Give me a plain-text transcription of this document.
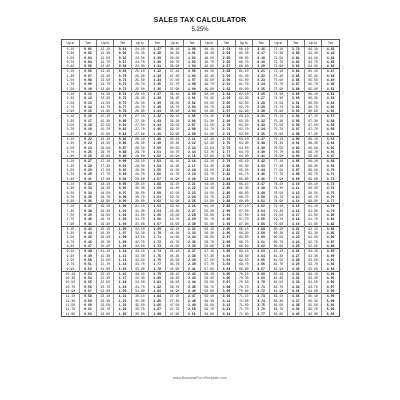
SALES TAX CALCULATOR
5.25%
Up to	Tax	Up to	Tax	Up to	Tax	Up to	Tax	Up to	Tax	Up to	Tax	Up to	Tax	Up to	Tax
0.10	0.01	12.10	0.64	24.10	1.27	36.10	1.90	48.10	2.53	60.10	3.16	72.10	3.79	84.10	4.42
0.30	0.02	12.30	0.65	24.30	1.28	36.30	1.91	48.30	2.54	60.30	3.17	72.30	3.80	84.30	4.43
0.50	0.03	12.50	0.66	24.50	1.29	36.50	1.92	48.50	2.55	60.50	3.18	72.50	3.81	84.50	4.44
0.70	0.04	12.70	0.67	24.70	1.30	36.70	1.93	48.70	2.56	60.70	3.19	72.70	3.82	84.70	4.45
0.90	0.05	12.90	0.68	24.90	1.31	36.90	1.94	48.90	2.57	60.90	3.20	72.90	3.83	84.90	4.46
1.10	0.06	13.10	0.69	25.10	1.32	37.10	1.95	49.10	2.58	61.10	3.21	73.10	3.84	85.10	4.47
1.30	0.07	13.30	0.70	25.30	1.33	37.30	1.96	49.30	2.59	61.30	3.22	73.30	3.85	85.30	4.48
1.50	0.08	13.50	0.71	25.50	1.34	37.50	1.97	49.50	2.60	61.50	3.23	73.50	3.86	85.50	4.49
1.70	0.09	13.70	0.72	25.70	1.35	37.70	1.98	49.70	2.61	61.70	3.24	73.70	3.87	85.70	4.50
1.90	0.10	13.90	0.73	25.90	1.36	37.90	1.99	49.90	2.62	61.90	3.25	73.90	3.88	85.90	4.51
2.10	0.11	14.10	0.74	26.10	1.37	38.10	2.00	50.10	2.63	62.10	3.26	74.10	3.89	86.10	4.52
2.30	0.12	14.30	0.75	26.30	1.38	38.30	2.01	50.30	2.64	62.30	3.27	74.30	3.90	86.30	4.53
2.50	0.13	14.50	0.76	26.50	1.39	38.50	2.02	50.50	2.65	62.50	3.28	74.50	3.91	86.50	4.54
2.70	0.14	14.70	0.77	26.70	1.40	38.70	2.03	50.70	2.66	62.70	3.29	74.70	3.92	86.70	4.55
2.90	0.15	14.90	0.78	26.90	1.41	38.90	2.04	50.90	2.67	62.90	3.30	74.90	3.93	86.90	4.56
3.10	0.16	15.10	0.79	27.10	1.42	39.10	2.05	51.10	2.68	63.10	3.31	75.10	3.94	87.10	4.57
3.30	0.17	15.30	0.80	27.30	1.43	39.30	2.06	51.30	2.69	63.30	3.32	75.30	3.95	87.30	4.58
3.50	0.18	15.50	0.81	27.50	1.44	39.50	2.07	51.50	2.70	63.50	3.33	75.50	3.96	87.50	4.59
3.70	0.19	15.70	0.82	27.70	1.45	39.70	2.08	51.70	2.71	63.70	3.34	75.70	3.97	87.70	4.60
3.90	0.20	15.90	0.83	27.90	1.46	39.90	2.09	51.90	2.72	63.90	3.35	75.90	3.98	87.90	4.61
4.10	0.22	16.10	0.85	28.10	1.48	40.10	2.11	52.10	2.74	64.10	3.37	76.10	4.00	88.10	4.63
4.30	0.23	16.30	0.86	28.30	1.49	40.30	2.12	52.30	2.75	64.30	3.38	76.30	4.01	88.30	4.64
4.50	0.24	16.50	0.87	28.50	1.50	40.50	2.13	52.50	2.76	64.50	3.39	76.50	4.02	88.50	4.65
4.70	0.25	16.70	0.88	28.70	1.51	40.70	2.14	52.70	2.77	64.70	3.40	76.70	4.03	88.70	4.66
4.90	0.26	16.90	0.89	28.90	1.52	40.90	2.15	52.90	2.78	64.90	3.41	76.90	4.04	88.90	4.67
5.10	0.27	17.10	0.90	29.10	1.53	41.10	2.16	53.10	2.79	65.10	3.42	77.10	4.05	89.10	4.68
5.30	0.28	17.30	0.91	29.30	1.54	41.30	2.17	53.30	2.80	65.30	3.43	77.30	4.06	89.30	4.69
5.50	0.29	17.50	0.92	29.50	1.55	41.50	2.18	53.50	2.81	65.50	3.44	77.50	4.07	89.50	4.70
5.70	0.30	17.70	0.93	29.70	1.56	41.70	2.19	53.70	2.82	65.70	3.45	77.70	4.08	89.70	4.71
5.90	0.31	17.90	0.94	29.90	1.57	41.90	2.20	53.90	2.83	65.90	3.46	77.90	4.09	89.90	4.72
6.10	0.32	18.10	0.95	30.10	1.58	42.10	2.21	54.10	2.84	66.10	3.47	78.10	4.10	90.10	4.73
6.30	0.33	18.30	0.96	30.30	1.59	42.30	2.22	54.30	2.85	66.30	3.48	78.30	4.11	90.30	4.74
6.50	0.34	18.50	0.97	30.50	1.60	42.50	2.23	54.50	2.86	66.50	3.49	78.50	4.12	90.50	4.75
6.70	0.35	18.70	0.98	30.70	1.61	42.70	2.24	54.70	2.87	66.70	3.50	78.70	4.13	90.70	4.76
6.90	0.36	18.90	0.99	30.90	1.62	42.90	2.25	54.90	2.88	66.90	3.51	78.90	4.14	90.90	4.77
7.10	0.37	19.10	1.00	31.10	1.63	43.10	2.26	55.10	2.89	67.10	3.52	79.10	4.15	91.10	4.78
7.30	0.38	19.30	1.01	31.30	1.64	43.30	2.27	55.30	2.90	67.30	3.53	79.30	4.16	91.30	4.79
7.50	0.39	19.50	1.02	31.50	1.65	43.50	2.28	55.50	2.91	67.50	3.54	79.50	4.17	91.50	4.80
7.70	0.40	19.70	1.03	31.70	1.66	43.70	2.29	55.70	2.92	67.70	3.55	79.70	4.18	91.70	4.81
7.90	0.41	19.90	1.04	31.90	1.67	43.90	2.30	55.90	2.93	67.90	3.56	79.90	4.19	91.90	4.82
8.10	0.43	20.10	1.06	32.10	1.69	44.10	2.32	56.10	2.95	68.10	3.58	80.10	4.21	92.10	4.84
8.30	0.44	20.30	1.07	32.30	1.70	44.30	2.33	56.30	2.96	68.30	3.59	80.30	4.22	92.30	4.85
8.50	0.45	20.50	1.08	32.50	1.71	44.50	2.34	56.50	2.97	68.50	3.60	80.50	4.23	92.50	4.86
8.70	0.46	20.70	1.09	32.70	1.72	44.70	2.35	56.70	2.98	68.70	3.61	80.70	4.24	92.70	4.87
8.90	0.47	20.90	1.10	32.90	1.73	44.90	2.36	56.90	2.99	68.90	3.62	80.90	4.25	92.90	4.88
9.10	0.48	21.10	1.11	33.10	1.74	45.10	2.37	57.10	3.00	69.10	3.63	81.10	4.26	93.10	4.89
9.30	0.49	21.30	1.12	33.30	1.75	45.30	2.38	57.30	3.01	69.30	3.64	81.30	4.27	93.30	4.90
9.50	0.50	21.50	1.13	33.50	1.76	45.50	2.39	57.50	3.02	69.50	3.65	81.50	4.28	93.50	4.91
9.70	0.51	21.70	1.14	33.70	1.77	45.70	2.40	57.70	3.03	69.70	3.66	81.70	4.29	93.70	4.92
9.90	0.52	21.90	1.15	33.90	1.78	45.90	2.41	57.90	3.04	69.90	3.67	81.90	4.30	93.90	4.93
10.10	0.53	22.10	1.16	34.10	1.79	46.10	2.42	58.10	3.05	70.10	3.68	82.10	4.31	94.10	4.94
10.30	0.54	22.30	1.17	34.30	1.80	46.30	2.43	58.30	3.06	70.30	3.69	82.30	4.32	94.30	4.95
10.50	0.55	22.50	1.18	34.50	1.81	46.50	2.44	58.50	3.07	70.50	3.70	82.50	4.33	94.50	4.96
10.70	0.56	22.70	1.19	34.70	1.82	46.70	2.45	58.70	3.08	70.70	3.71	82.70	4.34	94.70	4.97
10.90	0.57	22.90	1.20	34.90	1.83	46.90	2.46	58.90	3.09	70.90	3.72	82.90	4.35	94.90	4.98
11.10	0.58	23.10	1.21	35.10	1.84	47.10	2.47	59.10	3.10	71.10	3.73	83.10	4.36	95.10	4.99
11.30	0.59	23.30	1.22	35.30	1.85	47.30	2.48	59.30	3.11	71.30	3.74	83.30	4.37	95.30	5.00
11.50	0.60	23.50	1.23	35.50	1.86	47.50	2.49	59.50	3.12	71.50	3.75	83.50	4.38	95.50	5.01
11.70	0.61	23.70	1.24	35.70	1.87	47.70	2.50	59.70	3.13	71.70	3.76	83.70	4.39	95.70	5.02
11.90	0.62	23.90	1.25	35.90	1.88	47.90	2.51	59.90	3.14	71.90	3.77	83.90	4.40	95.90	5.03
www.BusinessFormTemplate.com
